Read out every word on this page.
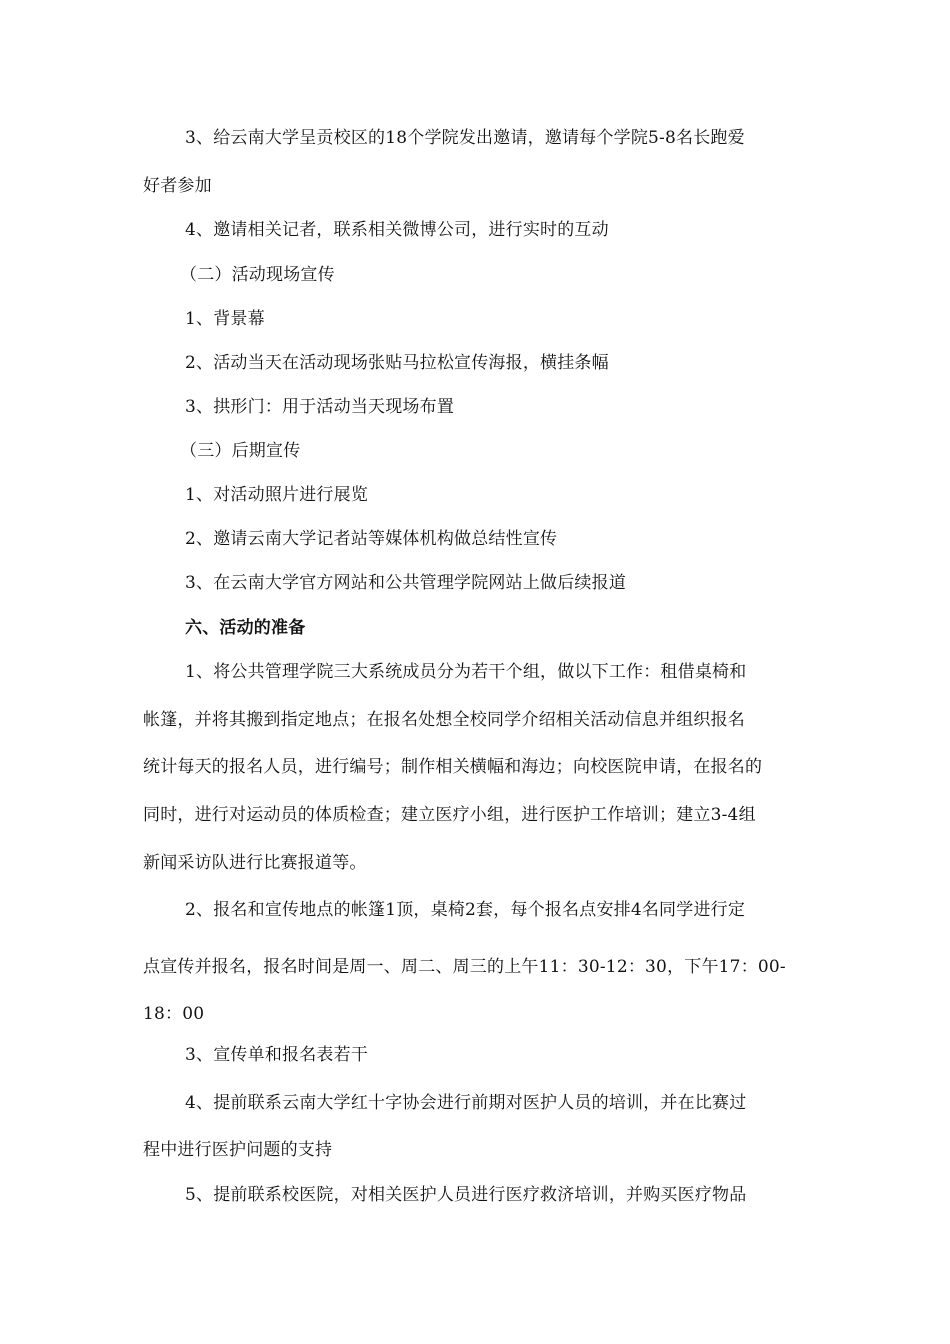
3、给云南大学呈贡校区的18个学院发出邀请，邀请每个学院5-8名长跑爱
好者参加
4、邀请相关记者，联系相关微博公司，进行实时的互动
（二）活动现场宣传
1、背景幕
2、活动当天在活动现场张贴马拉松宣传海报，横挂条幅
3、拱形门：用于活动当天现场布置
（三）后期宣传
1、对活动照片进行展览
2、邀请云南大学记者站等媒体机构做总结性宣传
3、在云南大学官方网站和公共管理学院网站上做后续报道
六、活动的准备
1、将公共管理学院三大系统成员分为若干个组，做以下工作：租借桌椅和
帐篷，并将其搬到指定地点；在报名处想全校同学介绍相关活动信息并组织报名
统计每天的报名人员，进行编号；制作相关横幅和海边；向校医院申请，在报名的
同时，进行对运动员的体质检查；建立医疗小组，进行医护工作培训；建立3-4组
新闻采访队进行比赛报道等。
2、报名和宣传地点的帐篷1顶，桌椅2套，每个报名点安排4名同学进行定
点宣传并报名，报名时间是周一、周二、周三的上午11：30-12：30，下午17：00-
18：00
3、宣传单和报名表若干
4、提前联系云南大学红十字协会进行前期对医护人员的培训，并在比赛过
程中进行医护问题的支持
5、提前联系校医院，对相关医护人员进行医疗救济培训，并购买医疗物品
